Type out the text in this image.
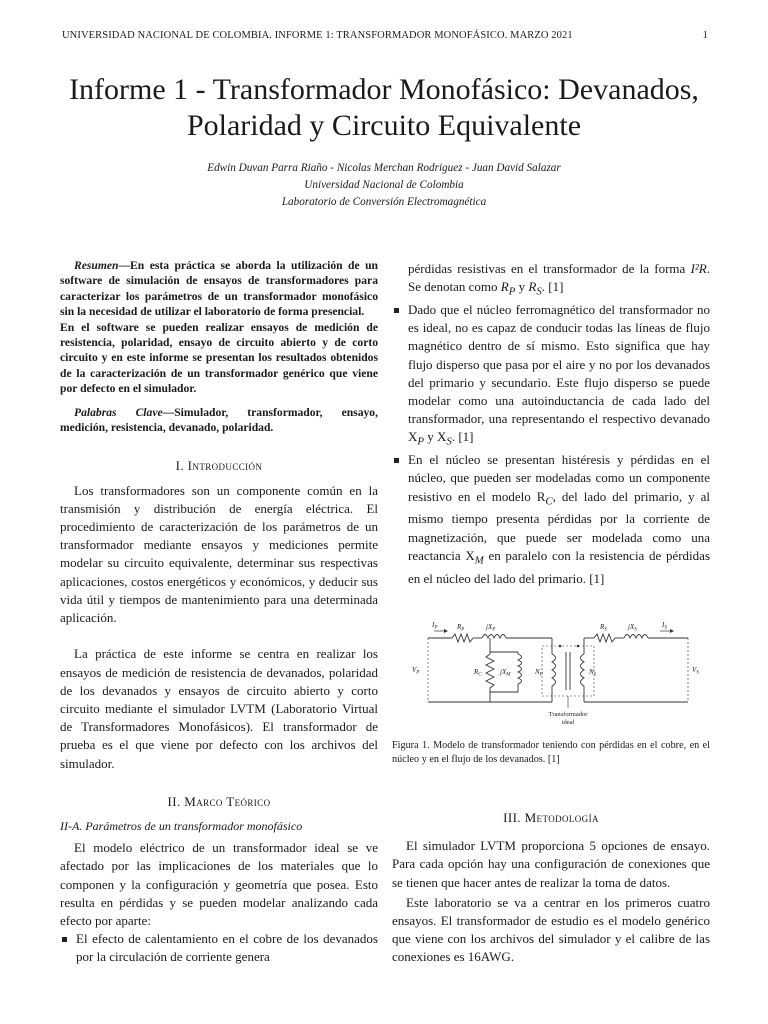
UNIVERSIDAD NACIONAL DE COLOMBIA. INFORME 1: TRANSFORMADOR MONOFÁSICO. MARZO 2021	1
Informe 1 - Transformador Monofásico: Devanados,
Polaridad y Circuito Equivalente
Edwin Duvan Parra Riaño - Nicolas Merchan Rodriguez - Juan David Salazar
Universidad Nacional de Colombia
Laboratorio de Conversión Electromagnética

Resumen—En esta práctica se aborda la utilización de un software de simulación de ensayos de transformadores para caracterizar los parámetros de un transformador monofásico sin la necesidad de utilizar el laboratorio de forma presencial.

En el software se pueden realizar ensayos de medición de resistencia, polaridad, ensayo de circuito abierto y de corto circuito y en este informe se presentan los resultados obtenidos de la caracterización de un transformador genérico que viene por defecto en el simulador.

Palabras Clave—Simulador, transformador, ensayo, medición, resistencia, devanado, polaridad.

I. Introducción

Los transformadores son un componente común en la transmisión y distribución de energía eléctrica. El procedimiento de caracterización de los parámetros de un transformador mediante ensayos y mediciones permite modelar su circuito equivalente, determinar sus respectivas aplicaciones, costos energéticos y económicos, y deducir sus vida útil y tiempos de mantenimiento para una determinada aplicación.

La práctica de este informe se centra en realizar los ensayos de medición de resistencia de devanados, polaridad de los devanados y ensayos de circuito abierto y corto circuito mediante el simulador LVTM (Laboratorio Virtual de Transformadores Monofásicos). El transformador de prueba es el que viene por defecto con los archivos del simulador.

II. Marco Teórico
II-A. Parámetros de un transformador monofásico

El modelo eléctrico de un transformador ideal se ve afectado por las implicaciones de los materiales que lo componen y la configuración y geometría que posea. Esto resulta en pérdidas y se pueden modelar analizando cada efecto por aparte:

El efecto de calentamiento en el cobre de los devanados por la circulación de corriente genera

pérdidas resistivas en el transformador de la forma I²R. Se denotan como $R_P$ y $R_S$. [1]

Dado que el núcleo ferromagnético del transformador no es ideal, no es capaz de conducir todas las líneas de flujo magnético dentro de sí mismo. Esto significa que hay flujo disperso que pasa por el aire y no por los devanados del primario y secundario. Este flujo disperso se puede modelar como una autoinductancia de cada lado del transformador, una representando el respectivo devanado $X_P$ y $X_S$. [1]
En el núcleo se presentan histéresis y pérdidas en el núcleo, que pueden ser modeladas como un componente resistivo en el modelo $R_C$, del lado del primario, y al mismo tiempo presenta pérdidas por la corriente de magnetización, que puede ser modelada como una reactancia $X_M$ en paralelo con la resistencia de pérdidas en el núcleo del lado del primario. [1]
$I_P$	$R_P$	$jX_P$	$R_S$	$jX_S$
$I_S$
$V_P$	$V_S$
$R_C$	$jX_M$	$N_P$	$N_S$
Transformador
ideal

Figura 1. Modelo de transformador teniendo con pérdidas en el cobre, en el núcleo y en el flujo de los devanados. [1]

III. Metodología

El simulador LVTM proporciona 5 opciones de ensayo. Para cada opción hay una configuración de conexiones que se tienen que hacer antes de realizar la toma de datos.

Este laboratorio se va a centrar en los primeros cuatro ensayos. El transformador de estudio es el modelo genérico que viene con los archivos del simulador y el calibre de las conexiones es 16AWG.
